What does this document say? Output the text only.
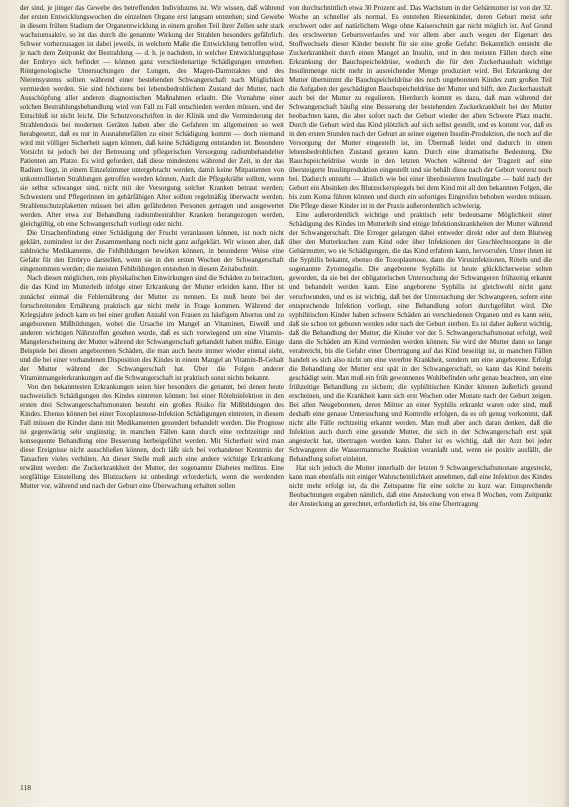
der sind, je jünger das Gewebe des betreffenden Individuums ist. Wir wissen, daß während der ersten Entwicklungswochen die einzelnen Organe erst langsam entstehen; sind Gewebe in diesem frühen Stadium der Organentwicklung in einem großen Teil ihrer Zellen sehr stark wachstumsaktiv, so ist das durch die genannte Wirkung der Strahlen besonders gefährlich. Schwer vorherzusagen ist dabei jeweils, in welchem Maße die Entwicklung betroffen wird, je nach dem Zeitpunkt der Bestrahlung — d. h. je nachdem, in welcher Entwicklungsphase der Embryo sich befindet — können ganz verschiedenartige Schädigungen entstehen. Röntgenologische Untersuchungen der Lungen, des Magen-Darmtraktes und des Nierensystems sollten während einer bestehenden Schwangerschaft nach Möglichkeit vermieden werden. Sie sind höchstens bei lebensbedrohlichem Zustand der Mutter, nach Ausschöpfung aller anderen diagnostischen Maßnahmen erlaubt. Die Vornahme einer solchen Bestrahlungsbehandlung wird von Fall zu Fall entschieden werden müssen, und der Entschluß ist nicht leicht. Die Schutzvorschriften in der Klinik und die Verminderung der Strahlendosis bei modernen Geräten haben aber die Gefahren im allgemeinen so weit herabgesetzt, daß es nur in Ausnahmefällen zu einer Schädigung kommt — doch niemand wird mit völliger Sicherheit sagen können, daß keine Schädigung entstanden ist. Besondere Vorsicht ist jedoch bei der Betreuung und pflegerischen Versorgung radiumbehandelter Patienten am Platze. Es wird gefordert, daß diese mindestens während der Zeit, in der das Radium liegt, in einem Einzelzimmer untergebracht werden, damit keine Mitpatienten von unkontrollierten Strahlungen getroffen werden können. Auch die Pflegekräfte sollten, wenn sie selbst schwanger sind, nicht mit der Versorgung solcher Kranken betraut werden; Schwestern und Pflegerinnen im gebärfähigen Alter sollten regelmäßig überwacht werden. Strahlenschutzplaketten müssen bei allen gefährdeten Personen getragen und ausgewertet werden. Alter etwa zur Behandlung radiumbestrahlter Kranken herangezogen werden, gleichgültig, ob eine Schwangerschaft vorliegt oder nicht.

Die Ursachenfindung einer Schädigung der Frucht veranlassen können, ist noch nicht geklärt, zumindest ist der Zusammenhang noch nicht ganz aufgeklärt. Wir wissen aber, daß zahlreiche Medikamente, die Fehlbildungen bewirken können, in besonderer Weise eine Gefahr für den Embryo darstellen, wenn sie in den ersten Wochen der Schwangerschaft eingenommen werden; die meisten Fehlbildungen entstehen in diesem Zeitabschnitt.

Nach diesen möglichen, rein physikalischen Einwirkungen sind die Schäden zu betrachten, die das Kind im Mutterleib infolge einer Erkrankung der Mutter erleiden kann. Hier ist zunächst einmal die Fehlernährung der Mutter zu nennen. Es muß heute bei der fortschreitenden Ernährung praktisch gar nicht mehr in Frage kommen. Während der Kriegsjahre jedoch kam es bei einer großen Anzahl von Frauen zu häufigem Abortus und zu angeborenen Mißbildungen, wobei die Ursache im Mangel an Vitaminen, Eiweiß und anderen wichtigen Nährstoffen gesehen wurde, daß es sich vorwiegend um eine Vitamin-Mangelerscheinung der Mutter während der Schwangerschaft gehandelt haben müßte. Einige Beispiele bei diesen angeborenen Schäden, die man auch heute immer wieder einmal sieht, und die bei einer vorhandenen Disposition des Kindes in einem Mangel an Vitamin-B-Gehalt der Mutter während der Schwangerschaft hat. Über die Folgen anderer Vitaminmangelerkrankungen auf die Schwangerschaft ist praktisch sonst nichts bekannt.

Von den bekanntesten Erkrankungen seien hier besonders die genannt, bei denen heute nachweislich Schädigungen des Kindes eintreten können: bei einer Rötelninfektion in den ersten drei Schwangerschaftsmonaten besteht ein großes Risiko für Mißbildungen des Kindes. Ebenso können bei einer Toxoplasmose-Infektion Schädigungen eintreten, in diesem Fall müssen die Kinder dann mit Medikamenten gesondert behandelt werden. Die Prognose ist gegenwärtig sehr ungünstig; in manchen Fällen kann durch eine rechtzeitige und konsequente Behandlung eine Besserung herbeigeführt werden. Mit Sicherheit wird man diese Ereignisse nicht ausschließen können, doch läßt sich bei vorhandener Kenntnis der Tatsachen vieles verhüten. An dieser Stelle muß auch eine andere wichtige Erkrankung erwähnt werden: die Zuckerkrankheit der Mutter, der sogenannte Diabetes mellitus. Eine sorgfältige Einstellung des Blutzuckers ist unbedingt erforderlich, wenn die werdenden Mutter vor, während und nach der Geburt eine Überwachung erhalten sollen

von durchschnittlich etwa 30 Prozent auf. Das Wachstum in der Gebärmutter ist von der 32. Woche an schneller als normal. Es entstehen Riesenkinder, deren Geburt meist sehr erschwert oder auf natürlichem Wege ohne Kaiserschnitt gar nicht möglich ist. Auf Grund des erschwerten Geburtsverlaufes und vor allem aber auch wegen der Eigenart des Stoffwechsels dieser Kinder besteht für sie eine große Gefahr: Bekanntlich entsteht die Zuckerkrankheit durch einen Mangel an Insulin, und in den meisten Fällen durch eine Erkrankung der Bauchspeicheldrüse, wodurch die für den Zuckerhaushalt wichtige Insulinmenge nicht mehr in ausreichender Menge produziert wird. Bei Erkrankung der Mutter übernimmt die Bauchspeicheldrüse des noch ungeborenen Kindes zum großen Teil die Aufgaben der geschädigten Bauchspeicheldrüse der Mutter und hilft, den Zuckerhaushalt auch bei der Mutter zu regulieren. Hierdurch kommt es dazu, daß man während der Schwangerschaft häufig eine Besserung der bestehenden Zuckerkrankheit bei der Mutter beobachten kann, die aber sofort nach der Geburt wieder der alten Schwere Platz macht. Durch die Geburt wird das Kind plötzlich auf sich selbst gestellt, und es kommt vor, daß es in den ersten Stunden nach der Geburt an seiner eigenen Insulin-Produktion, die noch auf die Versorgung der Mutter eingestellt ist, im Übermaß leidet und dadurch in einen lebensbedrohlichen Zustand geraten kann. Durch eine dramatische Bedeutung. Die Bauchspeicheldrüse wurde in den letzten Wochen während der Tragzeit auf eine übersteigerte Insulinproduktion eingestellt und sie behält diese nach der Geburt vorerst noch bei. Dadurch entsteht — ähnlich wie bei einer überdosierten Insulingabe — bald nach der Geburt ein Absinken des Blutzuckerspiegels bei dem Kind mit all den bekannten Folgen, die bis zum Koma führen können und durch ein sofortiges Eingreifen behoben werden müssen. Die Pflege dieser Kinder ist in der Praxis außerordentlich schwierig.

Eine außerordentlich wichtige und praktisch sehr bedeutsame Möglichkeit einer Schädigung des Kindes im Mutterleib sind einige Infektionskrankheiten der Mutter während der Schwangerschaft. Die Erreger gelangen dabei entweder direkt oder auf dem Blutweg über den Mutterkuchen zum Kind oder über Infektionen der Geschlechtsorgane in die Gebärmutter, wo sie Schädigungen, die das Kind erfahren kann, hervorrufen. Unter ihnen ist die Syphilis bekannt, ebenso die Toxoplasmose, dann die Virusinfektionen, Röteln und die sogenannte Zytomegalie. Die angeborene Syphilis ist heute glücklicherweise selten geworden, da sie bei der obligatorischen Untersuchung der Schwangeren frühzeitig erkannt und behandelt werden kann. Eine angeborene Syphilis ist gleichwohl nicht ganz verschwunden, und es ist wichtig, daß bei der Untersuchung der Schwangeren, sofern eine entsprechende Infektion vorliegt, eine Behandlung sofort durchgeführt wird. Die syphilitischen Kinder haben schwere Schäden an verschiedenen Organen und es kann sein, daß sie schon tot geboren werden oder nach der Geburt sterben. Es ist daher äußerst wichtig, daß die Behandlung der Mutter, die Kinder vor der 5. Schwangerschaftsmonat erfolgt, weil dann die Schäden am Kind vermieden werden können. Sie wird der Mutter dann so lange verabreicht, bis die Gefahr einer Übertragung auf das Kind beseitigt ist, in manchen Fällen handelt es sich also nicht um eine vererbte Krankheit, sondern um eine angeborene. Erfolgt die Behandlung der Mutter erst spät in der Schwangerschaft, so kann das Kind bereits geschädigt sein. Man muß ein früh gewonnenes Wohlbefinden sehr genau beachten, um eine frühzeitige Behandlung zu sichern; die syphilitischen Kinder können äußerlich gesund erscheinen, und die Krankheit kann sich erst Wochen oder Monate nach der Geburt zeigen. Bei allen Neugeborenen, deren Mütter an einer Syphilis erkrankt waren oder sind, muß deshalb eine genaue Untersuchung und Kontrolle erfolgen, da es oft genug vorkommt, daß nicht alle Fälle rechtzeitig erkannt werden. Man muß aber auch daran denken, daß die Infektion auch durch eine gesunde Mutter, die sich in der Schwangerschaft erst spät angesteckt hat, übertragen werden kann. Daher ist es wichtig, daß der Arzt bei jeder Schwangeren die Wassermannsche Reaktion veranlaßt und, wenn sie positiv ausfällt, die Behandlung sofort einleitet.

Hat sich jedoch die Mutter innerhalb der letzten 9 Schwangerschaftsmonate angesteckt, kann man ebenfalls mit einiger Wahrscheinlichkeit annehmen, daß eine Infektion des Kindes nicht mehr erfolgt ist, da die Zeitspanne für eine solche zu kurz war. Entsprechende Beobachtungen ergaben nämlich, daß eine Ansteckung von etwa 8 Wochen, vom Zeitpunkt der Ansteckung an gerechnet, erforderlich ist, bis eine Übertragung

118
